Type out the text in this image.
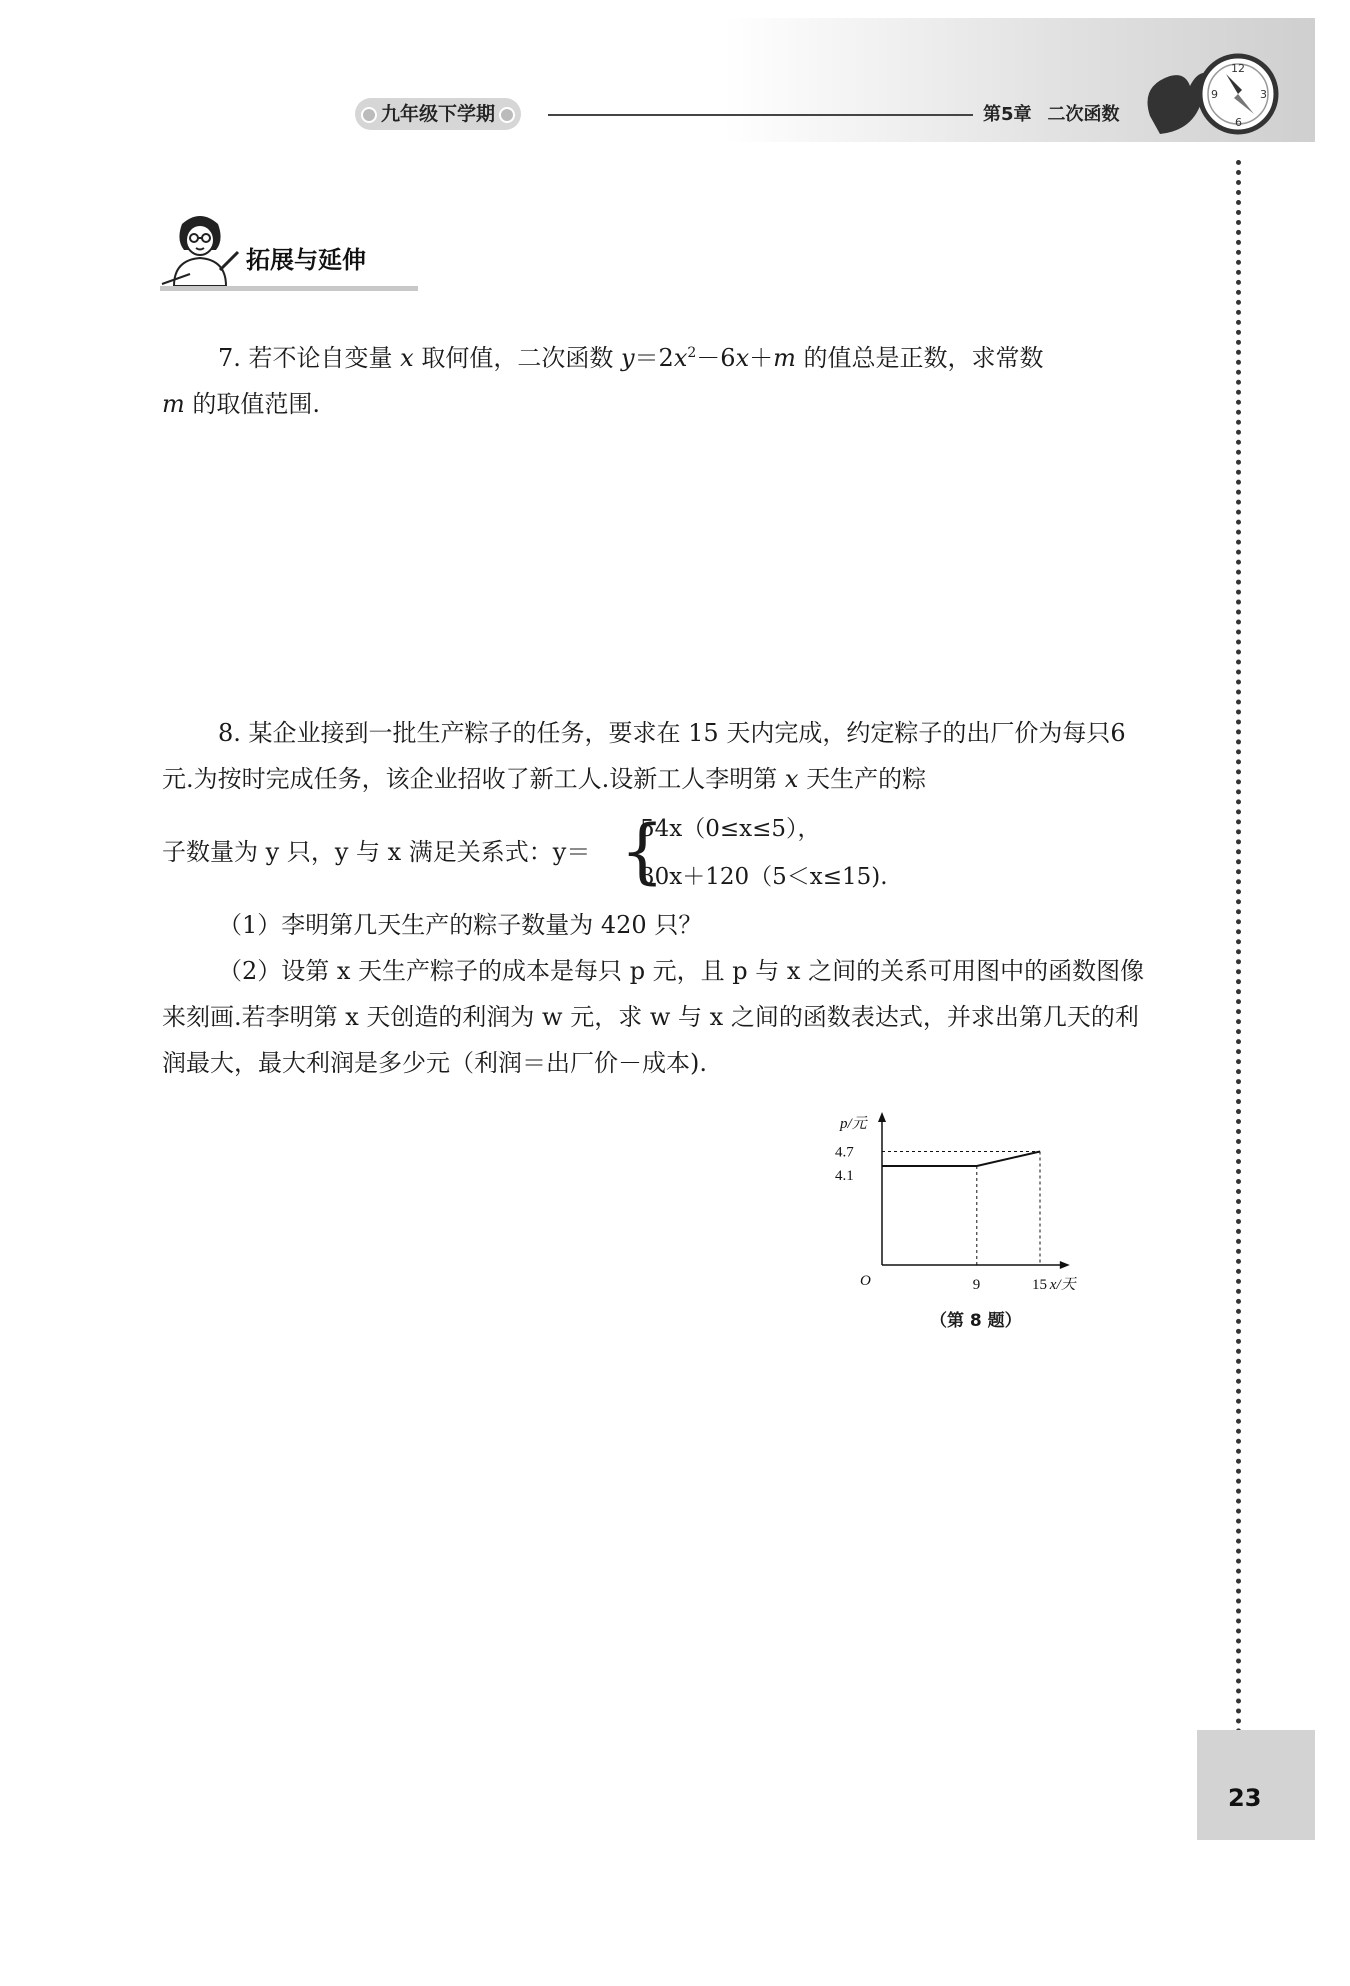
九年级下学期	第5章 二次函数
12
3
6
9
拓展与延伸
7. 若不论自变量 x 取何值，二次函数 $y=2x^2-6x+m$ 的值总是正数，求常数
m 的取值范围.
8. 某企业接到一批生产粽子的任务，要求在 15 天内完成，约定粽子的出厂价为每只6 元.为按时完成任务，该企业招收了新工人.设新工人李明第 x 天生产的粽
子数量为 y 只，y 与 x 满足关系式：y＝ {
54x（0≤x≤5），
30x＋120（5＜x≤15).
（1）李明第几天生产的粽子数量为 420 只？
（2）设第 x 天生产粽子的成本是每只 p 元，且 p 与 x 之间的关系可用图中的函数图像来刻画.若李明第 x 天创造的利润为 w 元，求 w 与 x 之间的函数表达式，并求出第几天的利润最大，最大利润是多少元（利润＝出厂价－成本).
4.7
4.1
9	15
O	x/天
p/元
（第 8 题）
23
